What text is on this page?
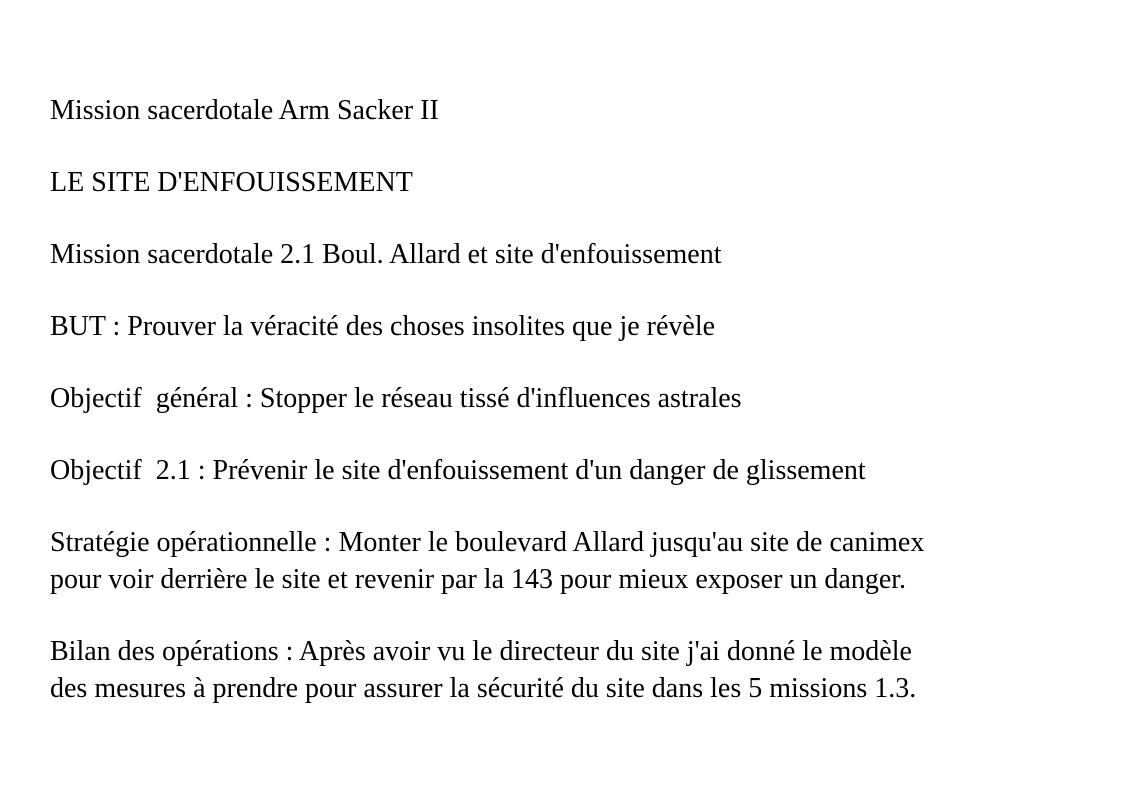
Mission sacerdotale Arm Sacker II

LE SITE D'ENFOUISSEMENT

Mission sacerdotale 2.1 Boul. Allard et site d'enfouissement

BUT : Prouver la véracité des choses insolites que je révèle

Objectif  général : Stopper le réseau tissé d'influences astrales

Objectif  2.1 : Prévenir le site d'enfouissement d'un danger de glissement

Stratégie opérationnelle : Monter le boulevard Allard jusqu'au site de canimex
pour voir derrière le site et revenir par la 143 pour mieux exposer un danger.

Bilan des opérations : Après avoir vu le directeur du site j'ai donné le modèle
des mesures à prendre pour assurer la sécurité du site dans les 5 missions 1.3.
